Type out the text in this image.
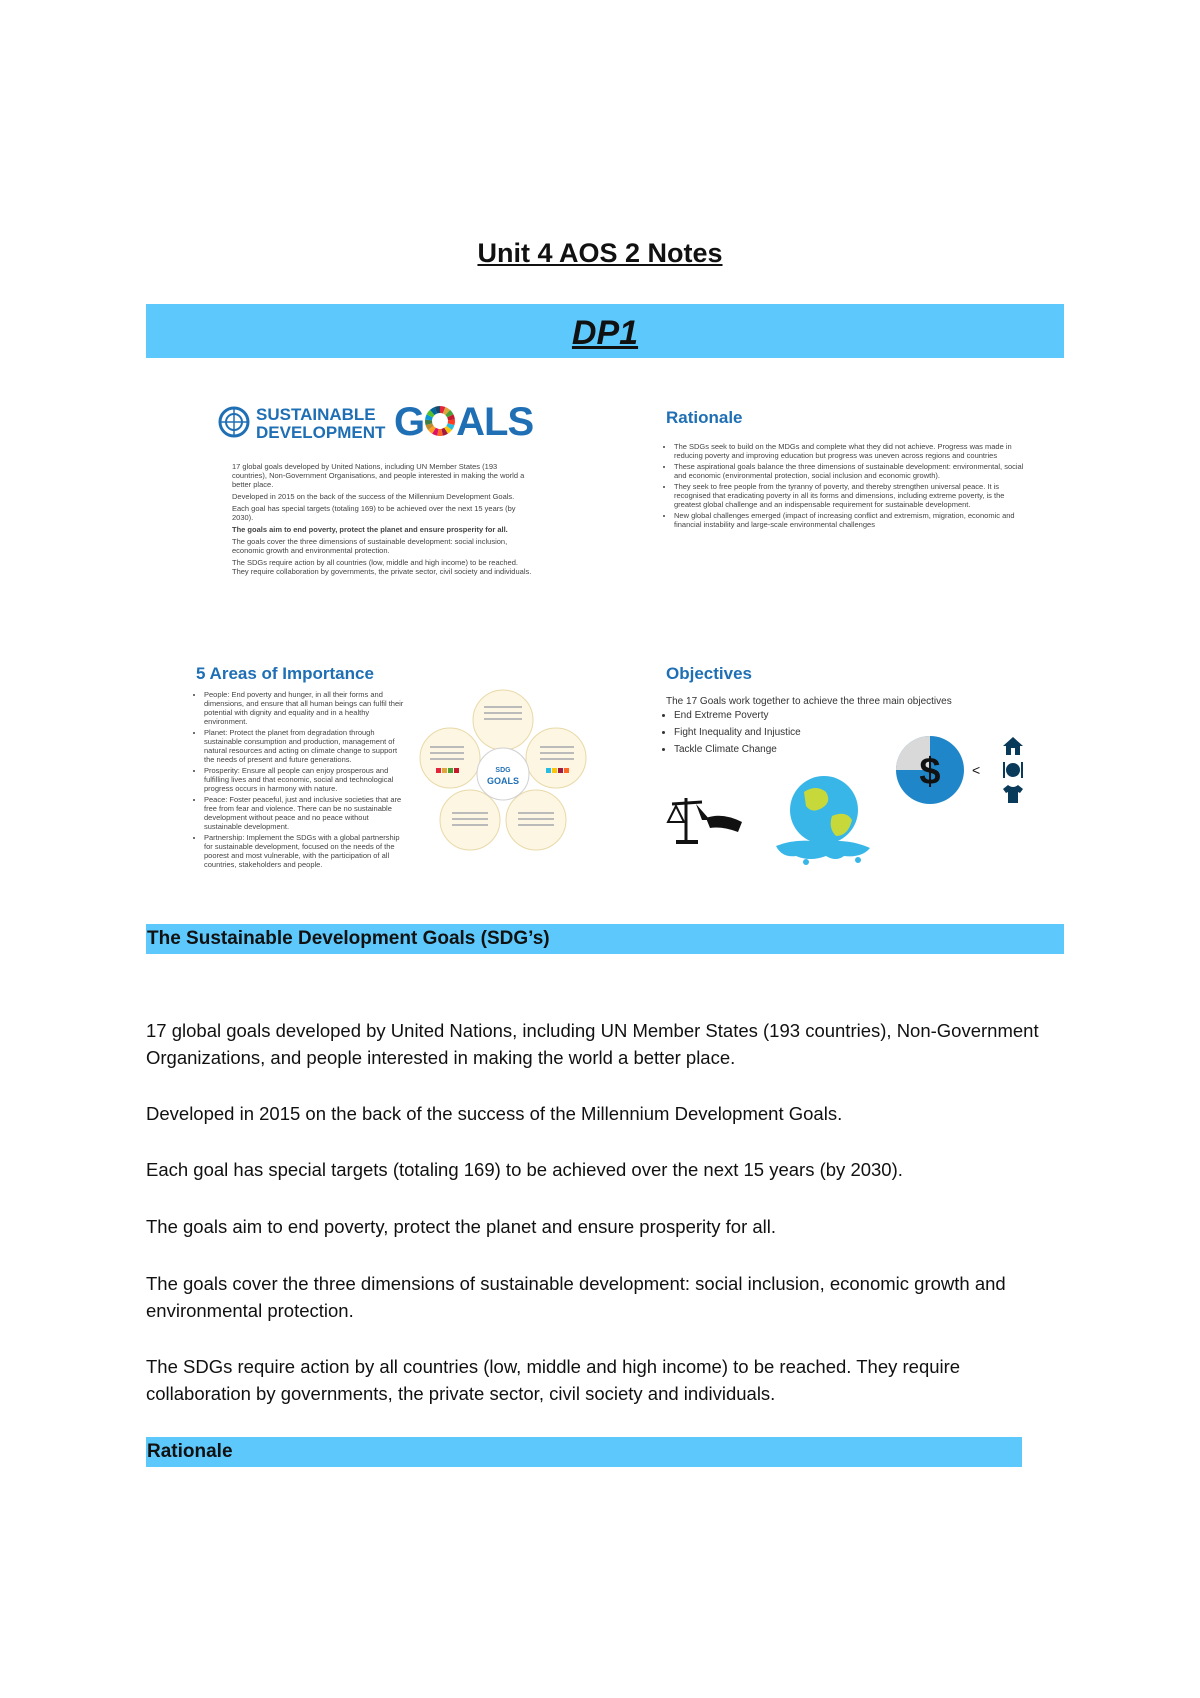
Unit 4 AOS 2 Notes
DP1
SUSTAINABLE
DEVELOPMENT G ALS
17 global goals developed by United Nations, including UN Member States (193 countries), Non-Government Organisations, and people interested in making the world a better place.
Developed in 2015 on the back of the success of the Millennium Development Goals.
Each goal has special targets (totaling 169) to be achieved over the next 15 years (by 2030).
The goals aim to end poverty, protect the planet and ensure prosperity for all.
The goals cover the three dimensions of sustainable development: social inclusion, economic growth and environmental protection.
The SDGs require action by all countries (low, middle and high income) to be reached. They require collaboration by governments, the private sector, civil society and individuals.
Rationale
• The SDGs seek to build on the MDGs and complete what they did not achieve. Progress was made in reducing poverty and improving education but progress was uneven across regions and countries
• These aspirational goals balance the three dimensions of sustainable development: environmental, social and economic (environmental protection, social inclusion and economic growth).
• They seek to free people from the tyranny of poverty, and thereby strengthen universal peace. It is recognised that eradicating poverty in all its forms and dimensions, including extreme poverty, is the greatest global challenge and an indispensable requirement for sustainable development.
• New global challenges emerged (impact of increasing conflict and extremism, migration, economic and financial instability and large-scale environmental challenges
5 Areas of Importance
• People: End poverty and hunger, in all their forms and dimensions, and ensure that all human beings can fulfil their potential with dignity and equality and in a healthy environment.
• Planet: Protect the planet from degradation through sustainable consumption and production, management of natural resources and acting on climate change to support the needs of present and future generations.
• Prosperity: Ensure all people can enjoy prosperous and fulfilling lives and that economic, social and technological progress occurs in harmony with nature.
• Peace: Foster peaceful, just and inclusive societies that are free from fear and violence. There can be no sustainable development without peace and no peace without sustainable development.
• Partnership: Implement the SDGs with a global partnership for sustainable development, focused on the needs of the poorest and most vulnerable, with the participation of all countries, stakeholders and people.
SDG
GOALS
Objectives
The 17 Goals work together to achieve the three main objectives
• End Extreme Poverty
• Fight Inequality and Injustice
• Tackle Climate Change
$ <
The Sustainable Development Goals (SDG’s)
17 global goals developed by United Nations, including UN Member States (193 countries), Non-Government Organizations, and people interested in making the world a better place.
Developed in 2015 on the back of the success of the Millennium Development Goals.
Each goal has special targets (totaling 169) to be achieved over the next 15 years (by 2030).
The goals aim to end poverty, protect the planet and ensure prosperity for all.
The goals cover the three dimensions of sustainable development: social inclusion, economic growth and environmental protection.
The SDGs require action by all countries (low, middle and high income) to be reached. They require collaboration by governments, the private sector, civil society and individuals.
Rationale
